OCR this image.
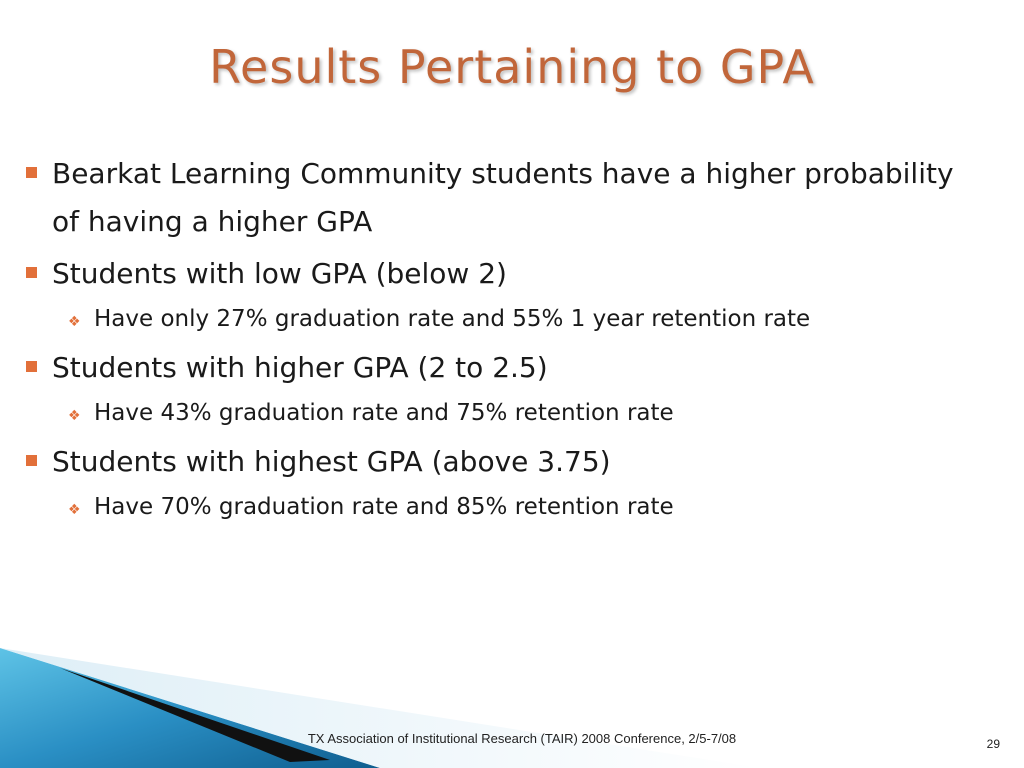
Results Pertaining to GPA
Bearkat Learning Community students have a higher probability of having a higher GPA
Students with low GPA (below 2)
❖ Have only 27% graduation rate and 55% 1 year retention rate
Students with higher GPA (2 to 2.5)
❖ Have 43% graduation rate and 75% retention rate
Students with highest GPA (above 3.75)
❖ Have 70% graduation rate and 85% retention rate
TX Association of Institutional Research (TAIR) 2008 Conference, 2/5-7/08	29
